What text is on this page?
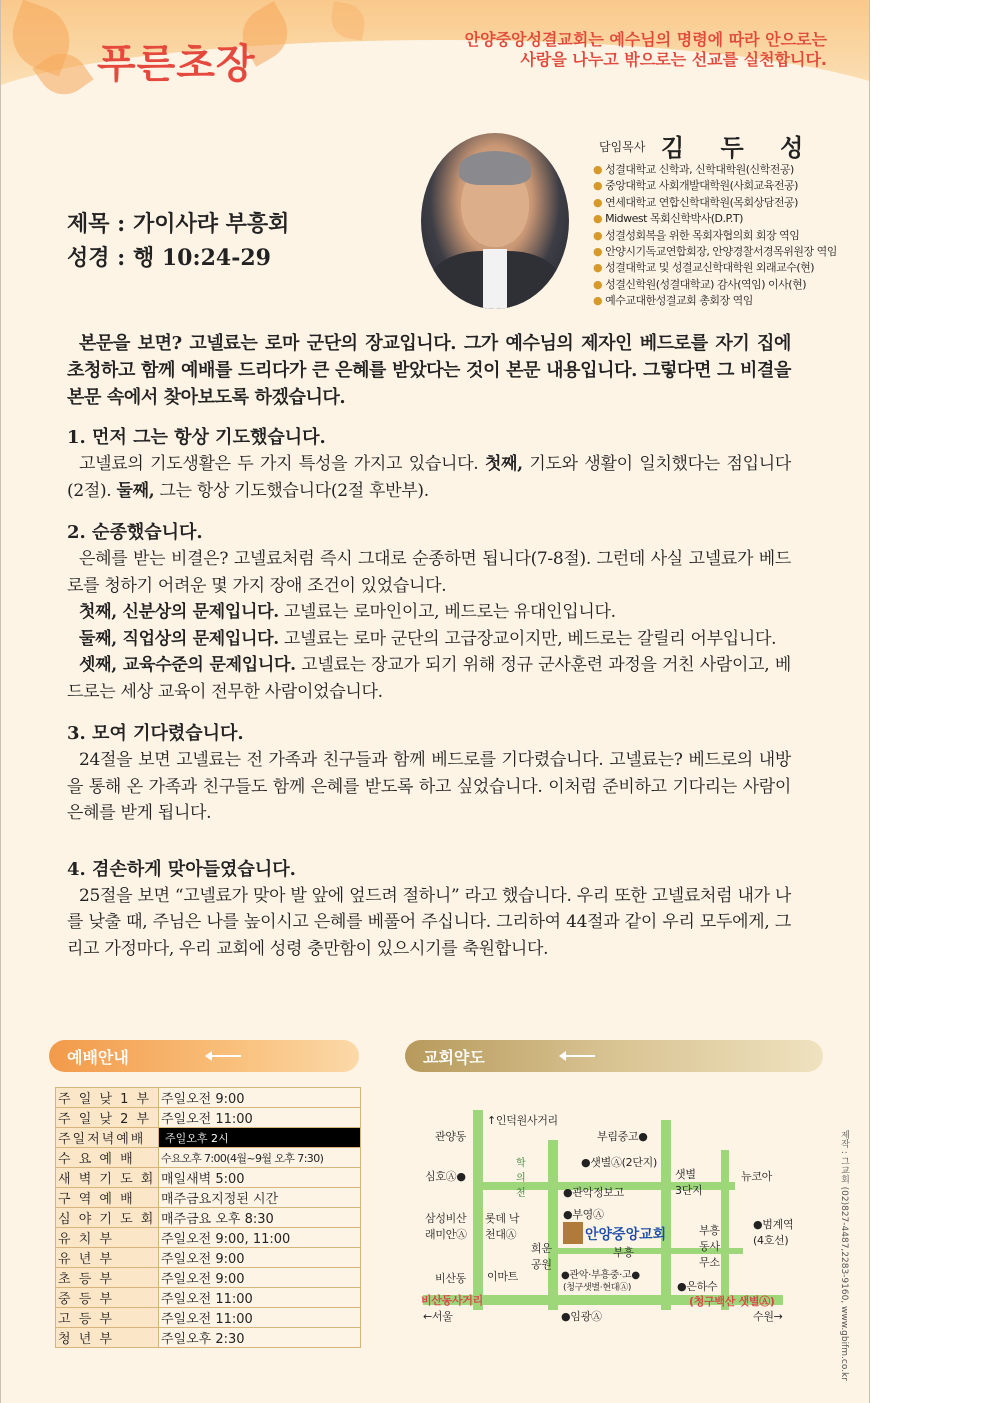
푸른초장
안양중앙성결교회는 예수님의 명령에 따라 안으로는
사랑을 나누고 밖으로는 선교를 실천합니다.
담임목사 김 두 성
● 성결대학교 신학과, 신학대학원(신학전공)
● 중앙대학교 사회개발대학원(사회교육전공)
● 연세대학교 연합신학대학원(목회상담전공)
● Midwest 목회신학박사(D.P.T)
● 성결성회복을 위한 목회자협의회 회장 역임
● 안양시기독교연합회장, 안양경찰서경목위원장 역임
● 성결대학교 및 성결교신학대학원 외래교수(현)
● 성결신학원(성결대학교) 감사(역임) 이사(현)
● 예수교대한성결교회 총회장 역임
제목 : 가이사랴 부흥회
성경 : 행 10:24-29

본문을 보면? 고넬료는 로마 군단의 장교입니다. 그가 예수님의 제자인 베드로를 자기 집에 초청하고 함께 예배를 드리다가 큰 은혜를 받았다는 것이 본문 내용입니다. 그렇다면 그 비결을 본문 속에서 찾아보도록 하겠습니다.

1. 먼저 그는 항상 기도했습니다.

고넬료의 기도생활은 두 가지 특성을 가지고 있습니다. 첫째, 기도와 생활이 일치했다는 점입니다(2절). 둘째, 그는 항상 기도했습니다(2절 후반부).

2. 순종했습니다.

은혜를 받는 비결은? 고넬료처럼 즉시 그대로 순종하면 됩니다(7-8절). 그런데 사실 고넬료가 베드로를 청하기 어려운 몇 가지 장애 조건이 있었습니다.

첫째, 신분상의 문제입니다. 고넬료는 로마인이고, 베드로는 유대인입니다.

둘째, 직업상의 문제입니다. 고넬료는 로마 군단의 고급장교이지만, 베드로는 갈릴리 어부입니다.

셋째, 교육수준의 문제입니다. 고넬료는 장교가 되기 위해 정규 군사훈련 과정을 거친 사람이고, 베드로는 세상 교육이 전무한 사람이었습니다.

3. 모여 기다렸습니다.

24절을 보면 고넬료는 전 가족과 친구들과 함께 베드로를 기다렸습니다. 고넬료는? 베드로의 내방을 통해 온 가족과 친구들도 함께 은혜를 받도록 하고 싶었습니다. 이처럼 준비하고 기다리는 사람이 은혜를 받게 됩니다.

4. 겸손하게 맞아들였습니다.

25절을 보면 “고넬료가 맞아 발 앞에 엎드려 절하니” 라고 했습니다. 우리 또한 고넬료처럼 내가 나를 낮출 때, 주님은 나를 높이시고 은혜를 베풀어 주십니다. 그리하여 44절과 같이 우리 모두에게, 그리고 가정마다, 우리 교회에 성령 충만함이 있으시기를 축원합니다.

예배안내
주 일 낮 1 부	주일오전 9:00
주 일 낮 2 부	주일오전 11:00
주일저녁예배	주일오후 2시
수 요 예 배	수요오후 7:00(4월~9월 오후 7:30)
새 벽 기 도 회	매일새벽 5:00
구 역 예 배	매주금요지정된 시간
심 야 기 도 회	매주금요 오후 8:30
유 치 부	주일오전 9:00, 11:00
유 년 부	주일오전 9:00
초 등 부	주일오전 9:00
중 등 부	주일오전 11:00
고 등 부	주일오전 11:00
청 년 부	주일오후 2:30
교회약도
↑인덕원사거리
관양동	부림중고●
심호Ⓐ●
●샛별Ⓐ(2단지)
샛별 3단지
뉴코아
학의천	●관악정보고
●부영Ⓐ
삼성비산 래미안Ⓐ
롯데 낙천대Ⓐ	안양중앙교회
부흥
부흥 동사무소
●범계역 (4호선)
희운 공원
●관악·부흥중·고●
(청구샛별·현대Ⓐ)
비산동 이마트
●은하수
비산동사거리	(청구백산 샛별Ⓐ)
←서울	●임광Ⓐ	수원→	제작 : 그교회 (02)827-4487,2283-9160, www.gbifm.co.kr
